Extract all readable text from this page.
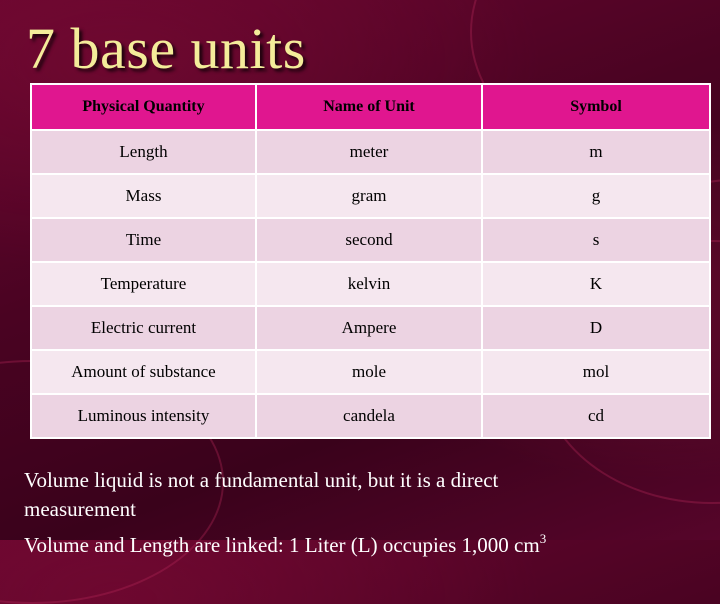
7 base units
Physical Quantity	Name of Unit	Symbol
Length	meter	m
Mass	gram	g
Time	second	s
Temperature	kelvin	K
Electric current	Ampere	D
Amount of substance	mole	mol
Luminous intensity	candela	cd

Volume liquid is not a fundamental unit, but it is a direct

measurement

Volume and Length are linked: 1 Liter (L) occupies 1,000 $cm^3$
